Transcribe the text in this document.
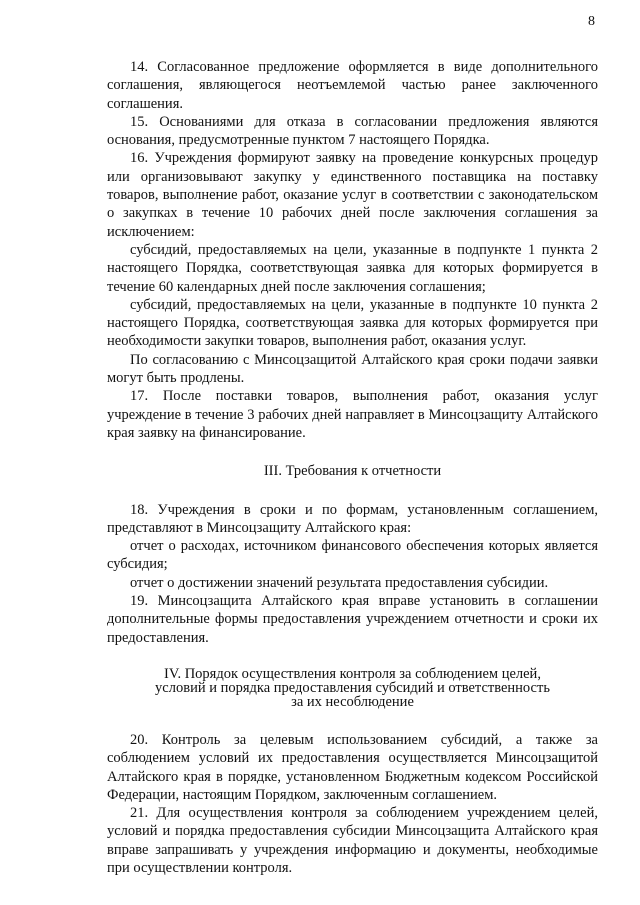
8

14. Согласованное предложение оформляется в виде дополнительного соглашения, являющегося неотъемлемой частью ранее заключенного соглашения.

15. Основаниями для отказа в согласовании предложения являются основания, предусмотренные пунктом 7 настоящего Порядка.

16. Учреждения формируют заявку на проведение конкурсных процедур или организовывают закупку у единственного поставщика на поставку товаров, выполнение работ, оказание услуг в соответствии с законодательском о закупках в течение 10 рабочих дней после заключения соглашения за исключением:

субсидий, предоставляемых на цели, указанные в подпункте 1 пункта 2 настоящего Порядка, соответствующая заявка для которых формируется в течение 60 календарных дней после заключения соглашения;

субсидий, предоставляемых на цели, указанные в подпункте 10 пункта 2 настоящего Порядка, соответствующая заявка для которых формируется при необходимости закупки товаров, выполнения работ, оказания услуг.

По согласованию с Минсоцзащитой Алтайского края сроки подачи заявки могут быть продлены.

17. После поставки товаров, выполнения работ, оказания услуг учреждение в течение 3 рабочих дней направляет в Минсоцзащиту Алтайского края заявку на финансирование.

III. Требования к отчетности

18. Учреждения в сроки и по формам, установленным соглашением, представляют в Минсоцзащиту Алтайского края:

отчет о расходах, источником финансового обеспечения которых является субсидия;

отчет о достижении значений результата предоставления субсидии.

19. Минсоцзащита Алтайского края вправе установить в соглашении дополнительные формы предоставления учреждением отчетности и сроки их предоставления.

IV. Порядок осуществления контроля за соблюдением целей,
условий и порядка предоставления субсидий и ответственность
за их несоблюдение

20. Контроль за целевым использованием субсидий, а также за соблюдением условий их предоставления осуществляется Минсоцзащитой Алтайского края в порядке, установленном Бюджетным кодексом Российской Федерации, настоящим Порядком, заключенным соглашением.

21. Для осуществления контроля за соблюдением учреждением целей, условий и порядка предоставления субсидии Минсоцзащита Алтайского края вправе запрашивать у учреждения информацию и документы, необходимые при осуществлении контроля.
